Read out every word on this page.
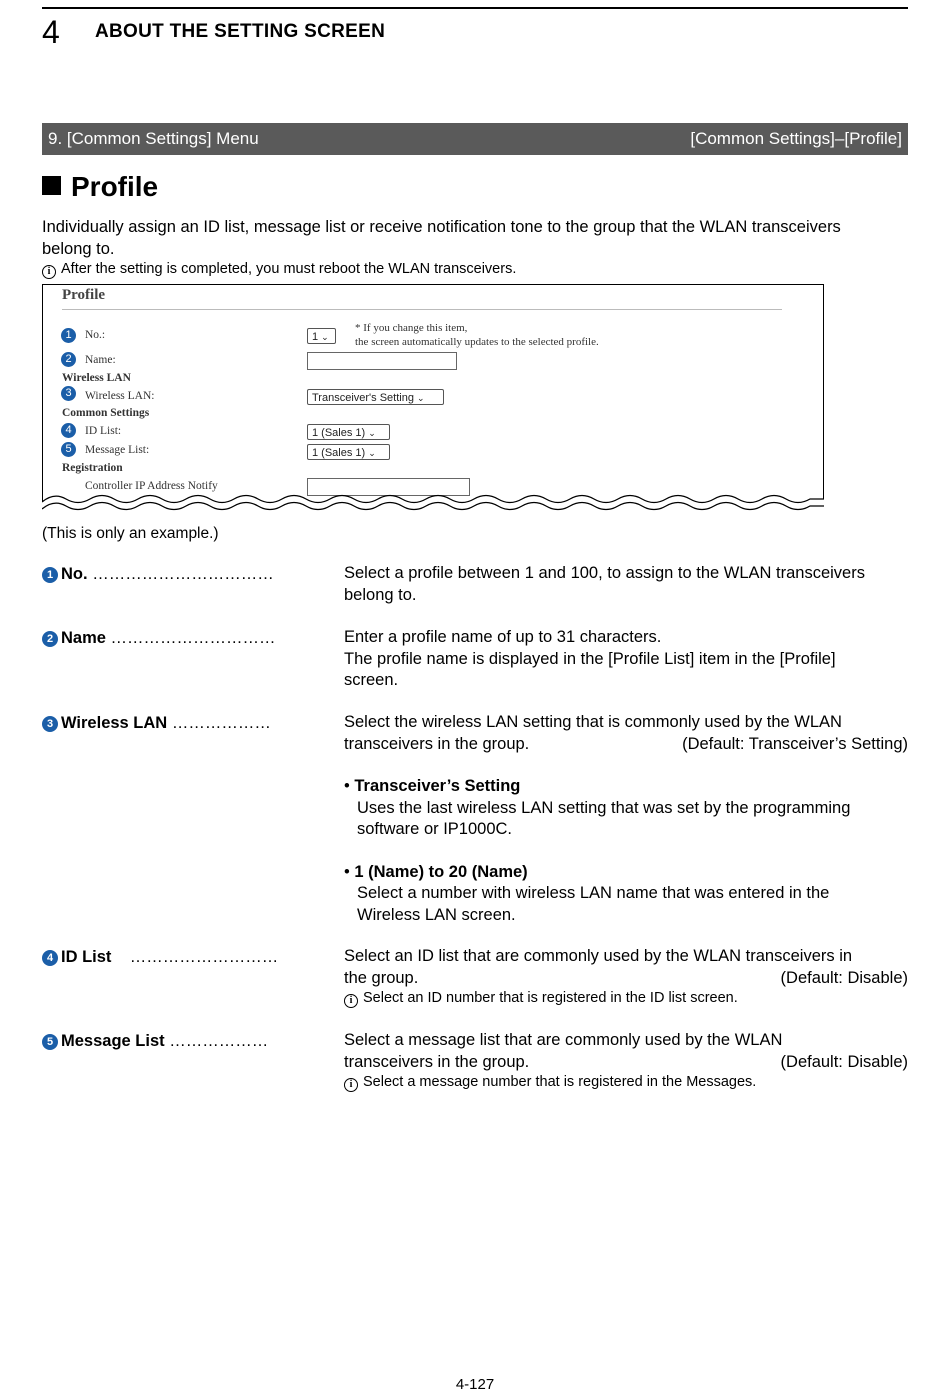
4 ABOUT THE SETTING SCREEN
9. [Common Settings] Menu	[Common Settings]–[Profile]
Profile
Individually assign an ID list, message list or receive notification tone to the group that the WLAN transceivers
belong to.
i After the setting is completed, you must reboot the WLAN transceivers.
Profile
1	No.:	1 ⌄
* If you change this item,
the screen automatically updates to the selected profile.
2	Name:
Wireless LAN
3	Wireless LAN:	Transceiver's Setting ⌄
Common Settings
4	ID List:	1 (Sales 1) ⌄
5	Message List:	1 (Sales 1) ⌄
Registration
Controller IP Address Notify
(This is only an example.)
1 No. ……………………………	Select a profile between 1 and 100, to assign to the WLAN transceivers
belong to.
2 Name …………………………	Enter a profile name of up to 31 characters.
The profile name is displayed in the [Profile List] item in the [Profile]
screen.
3 Wireless LAN ………………	Select the wireless LAN setting that is commonly used by the WLAN
transceivers in the group.	(Default: Transceiver’s Setting)
• Transceiver’s Setting
Uses the last wireless LAN setting that was set by the programming
software or IP1000C.
• 1 (Name) to 20 (Name)
Select a number with wireless LAN name that was entered in the
Wireless LAN screen.
4 ID List ………………………	Select an ID list that are commonly used by the WLAN transceivers in
the group.	(Default: Disable)
i Select an ID number that is registered in the ID list screen.
5 Message List ………………	Select a message list that are commonly used by the WLAN
transceivers in the group.	(Default: Disable)
i Select a message number that is registered in the Messages.
4-127
